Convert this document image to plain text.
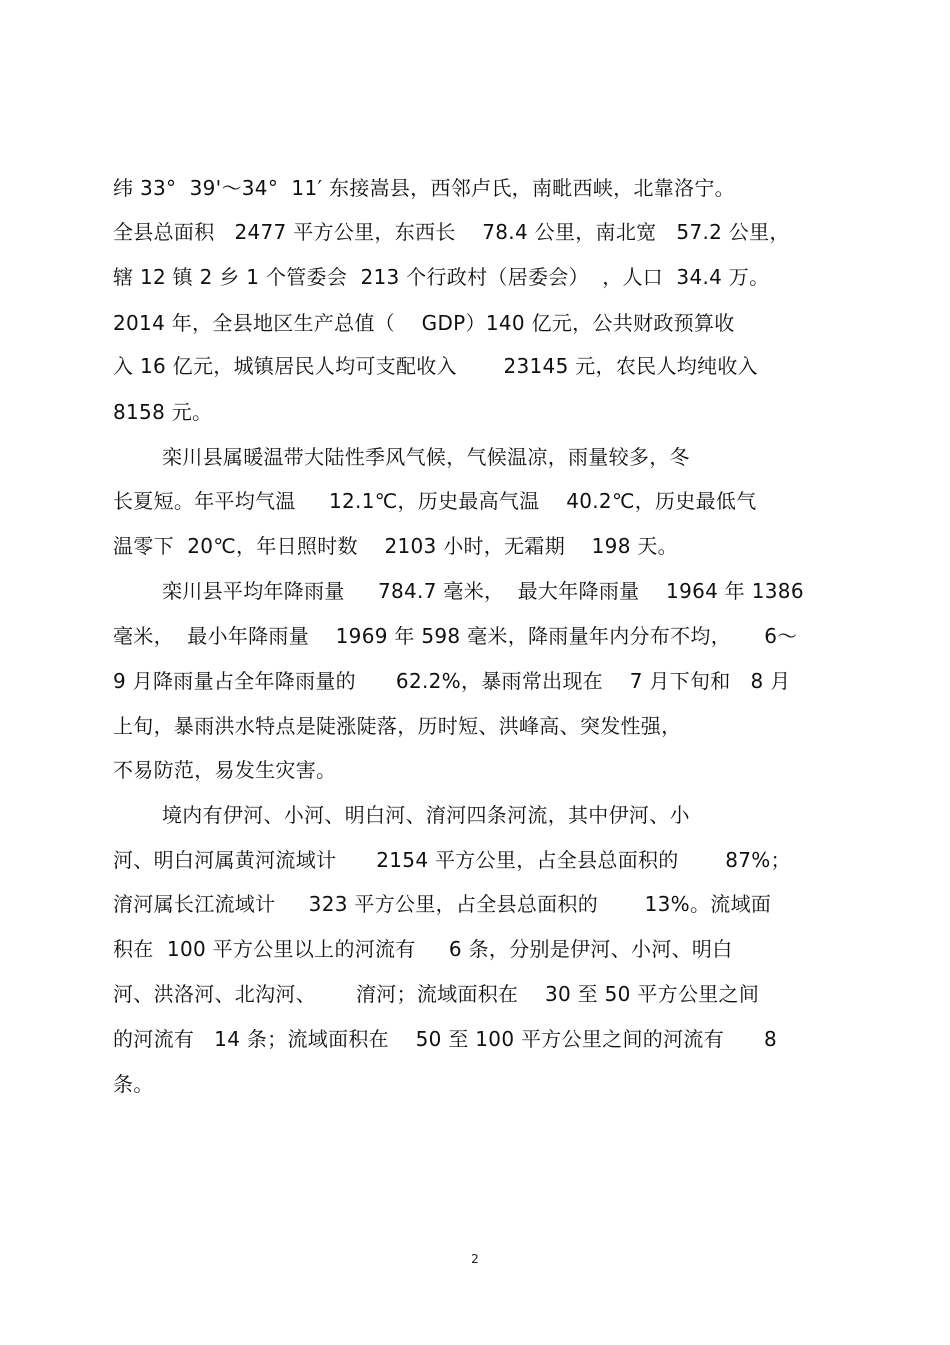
纬 33°  39'～34°  11′ 东接嵩县，西邻卢氏，南毗西峡，北靠洛宁。
全县总面积   2477 平方公里，东西长    78.4 公里，南北宽   57.2 公里，
辖 12 镇 2 乡 1 个管委会  213 个行政村（居委会）  ，人口  34.4 万。
2014 年，全县地区生产总值（    GDP）140 亿元，公共财政预算收
入 16 亿元，城镇居民人均可支配收入       23145 元，农民人均纯收入
8158 元。
栾川县属暖温带大陆性季风气候，气候温凉，雨量较多，冬
长夏短。年平均气温     12.1℃，历史最高气温    40.2℃，历史最低气
温零下  20℃，年日照时数    2103 小时，无霜期    198 天。
栾川县平均年降雨量     784.7 毫米，  最大年降雨量    1964 年 1386
毫米，  最小年降雨量    1969 年 598 毫米，降雨量年内分布不均，     6～
9 月降雨量占全年降雨量的      62.2%，暴雨常出现在    7 月下旬和   8 月
上旬，暴雨洪水特点是陡涨陡落，历时短、洪峰高、突发性强，
不易防范，易发生灾害。
境内有伊河、小河、明白河、淯河四条河流，其中伊河、小
河、明白河属黄河流域计      2154 平方公里，占全县总面积的       87%；
淯河属长江流域计     323 平方公里，占全县总面积的       13%。流域面
积在  100 平方公里以上的河流有     6 条，分别是伊河、小河、明白
河、洪洛河、北沟河、      淯河；流域面积在    30 至 50 平方公里之间
的河流有   14 条；流域面积在    50 至 100 平方公里之间的河流有      8
条。
2
